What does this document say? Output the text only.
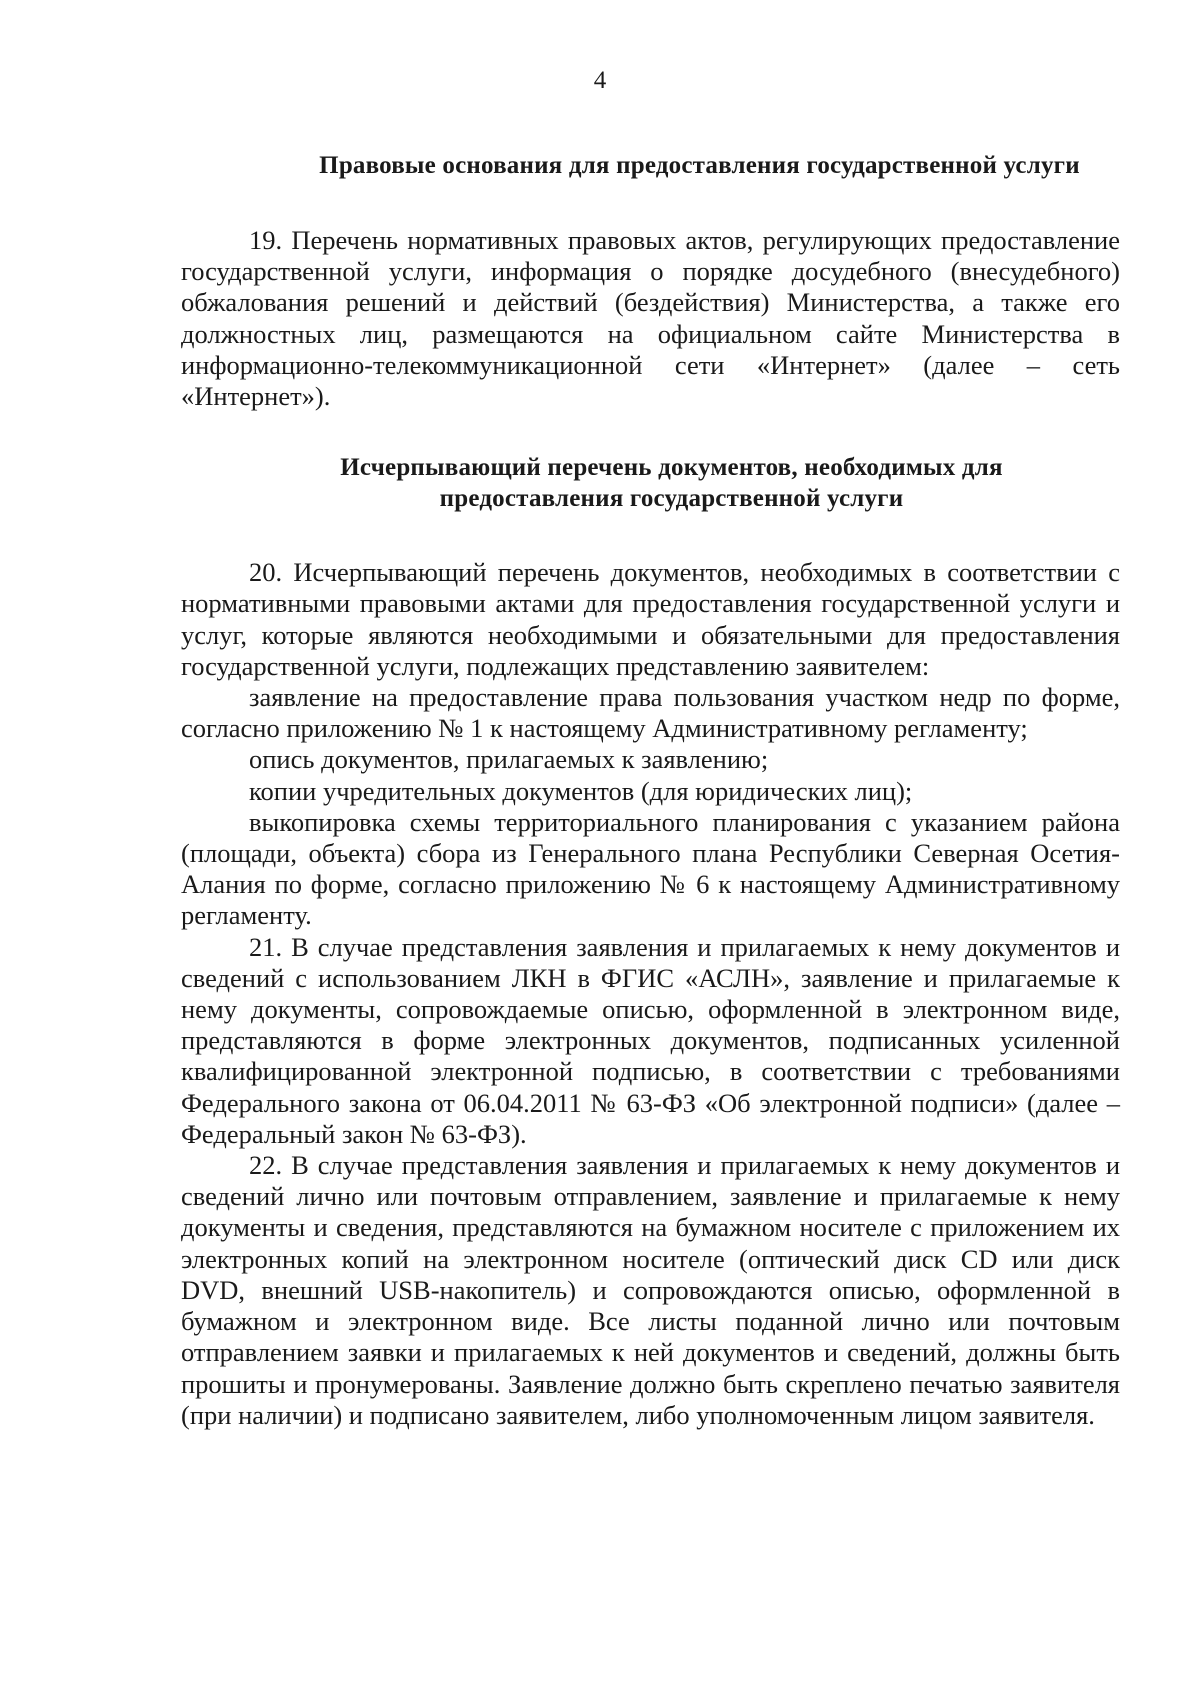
4
Правовые основания для предоставления государственной услуги

19. Перечень нормативных правовых актов, регулирующих предоставление государственной услуги, информация о порядке досудебного (внесудебного) обжалования решений и действий (бездействия) Министерства, а также его должностных лиц, размещаются на официальном сайте Министерства в информационно-телекоммуникационной сети «Интернет» (далее – сеть «Интернет»).

Исчерпывающий перечень документов, необходимых для
предоставления государственной услуги

20. Исчерпывающий перечень документов, необходимых в соответствии с нормативными правовыми актами для предоставления государственной услуги и услуг, которые являются необходимыми и обязательными для предоставления государственной услуги, подлежащих представлению заявителем:

заявление на предоставление права пользования участком недр по форме, согласно приложению № 1 к настоящему Административному регламенту;

опись документов, прилагаемых к заявлению;

копии учредительных документов (для юридических лиц);

выкопировка схемы территориального планирования с указанием района (площади, объекта) сбора из Генерального плана Республики Северная Осетия-Алания по форме, согласно приложению № 6 к настоящему Административному регламенту.

21. В случае представления заявления и прилагаемых к нему документов и сведений с использованием ЛКН в ФГИС «АСЛН», заявление и прилагаемые к нему документы, сопровождаемые описью, оформленной в электронном виде, представляются в форме электронных документов, подписанных усиленной квалифицированной электронной подписью, в соответствии с требованиями Федерального закона от 06.04.2011 № 63-ФЗ «Об электронной подписи» (далее – Федеральный закон № 63-ФЗ).

22. В случае представления заявления и прилагаемых к нему документов и сведений лично или почтовым отправлением, заявление и прилагаемые к нему документы и сведения, представляются на бумажном носителе с приложением их электронных копий на электронном носителе (оптический диск CD или диск DVD, внешний USB-накопитель) и сопровождаются описью, оформленной в бумажном и электронном виде. Все листы поданной лично или почтовым отправлением заявки и прилагаемых к ней документов и сведений, должны быть прошиты и пронумерованы. Заявление должно быть скреплено печатью заявителя (при наличии) и подписано заявителем, либо уполномоченным лицом заявителя.
